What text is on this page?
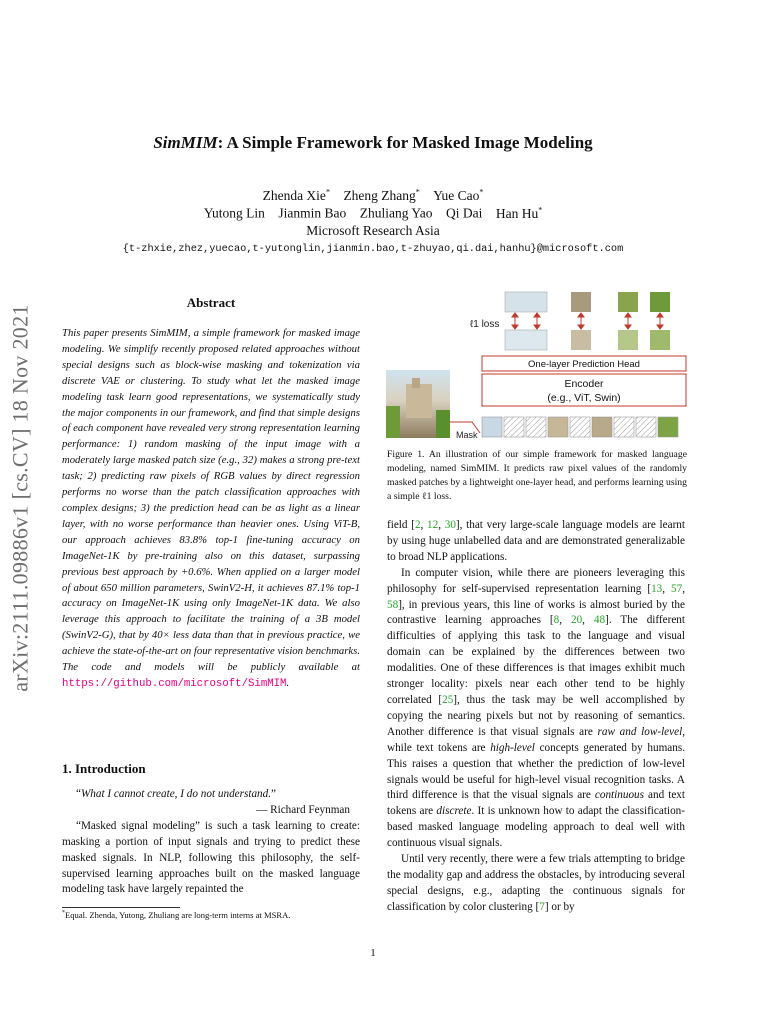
arXiv:2111.09886v1 [cs.CV] 18 Nov 2021
SimMIM: A Simple Framework for Masked Image Modeling
Zhenda Xie*  Zheng Zhang*  Yue Cao*
Yutong Lin  Jianmin Bao  Zhuliang Yao  Qi Dai  Han Hu*
Microsoft Research Asia
{t-zhxie,zhez,yuecao,t-yutonglin,jianmin.bao,t-zhuyao,qi.dai,hanhu}@microsoft.com
Abstract

This paper presents SimMIM, a simple framework for masked image modeling. We simplify recently proposed related approaches without special designs such as block-wise masking and tokenization via discrete VAE or clustering. To study what let the masked image modeling task learn good representations, we systematically study the major components in our framework, and find that simple designs of each component have revealed very strong representation learning performance: 1) random masking of the input image with a moderately large masked patch size (e.g., 32) makes a strong pre-text task; 2) predicting raw pixels of RGB values by direct regression performs no worse than the patch classification approaches with complex designs; 3) the prediction head can be as light as a linear layer, with no worse performance than heavier ones. Using ViT-B, our approach achieves 83.8% top-1 fine-tuning accuracy on ImageNet-1K by pre-training also on this dataset, surpassing previous best approach by +0.6%. When applied on a larger model of about 650 million parameters, SwinV2-H, it achieves 87.1% top-1 accuracy on ImageNet-1K using only ImageNet-1K data. We also leverage this approach to facilitate the training of a 3B model (SwinV2-G), that by 40× less data than that in previous practice, we achieve the state-of-the-art on four representative vision benchmarks. The code and models will be publicly available at https://github.com/microsoft/SimMIM.

1. Introduction

“What I cannot create, I do not understand.”

— Richard Feynman

“Masked signal modeling” is such a task learning to create: masking a portion of input signals and trying to predict these masked signals. In NLP, following this philosophy, the self-supervised learning approaches built on the masked language modeling task have largely repainted the

*Equal. Zhenda, Yutong, Zhuliang are long-term interns at MSRA.
ℓ1 loss
One-layer Prediction Head
Encoder
(e.g., ViT, Swin)
Mask
Figure 1. An illustration of our simple framework for masked language modeling, named SimMIM. It predicts raw pixel values of the randomly masked patches by a lightweight one-layer head, and performs learning using a simple ℓ1 loss.

field [2, 12, 30], that very large-scale language models are learnt by using huge unlabelled data and are demonstrated generalizable to broad NLP applications.

In computer vision, while there are pioneers leveraging this philosophy for self-supervised representation learning [13, 57, 58], in previous years, this line of works is almost buried by the contrastive learning approaches [8, 20, 48]. The different difficulties of applying this task to the language and visual domain can be explained by the differences between two modalities. One of these differences is that images exhibit much stronger locality: pixels near each other tend to be highly correlated [25], thus the task may be well accomplished by copying the nearing pixels but not by reasoning of semantics. Another difference is that visual signals are raw and low-level, while text tokens are high-level concepts generated by humans. This raises a question that whether the prediction of low-level signals would be useful for high-level visual recognition tasks. A third difference is that the visual signals are continuous and text tokens are discrete. It is unknown how to adapt the classification-based masked language modeling approach to deal well with continuous visual signals.

Until very recently, there were a few trials attempting to bridge the modality gap and address the obstacles, by introducing several special designs, e.g., adapting the continuous signals for classification by color clustering [7] or by

1
